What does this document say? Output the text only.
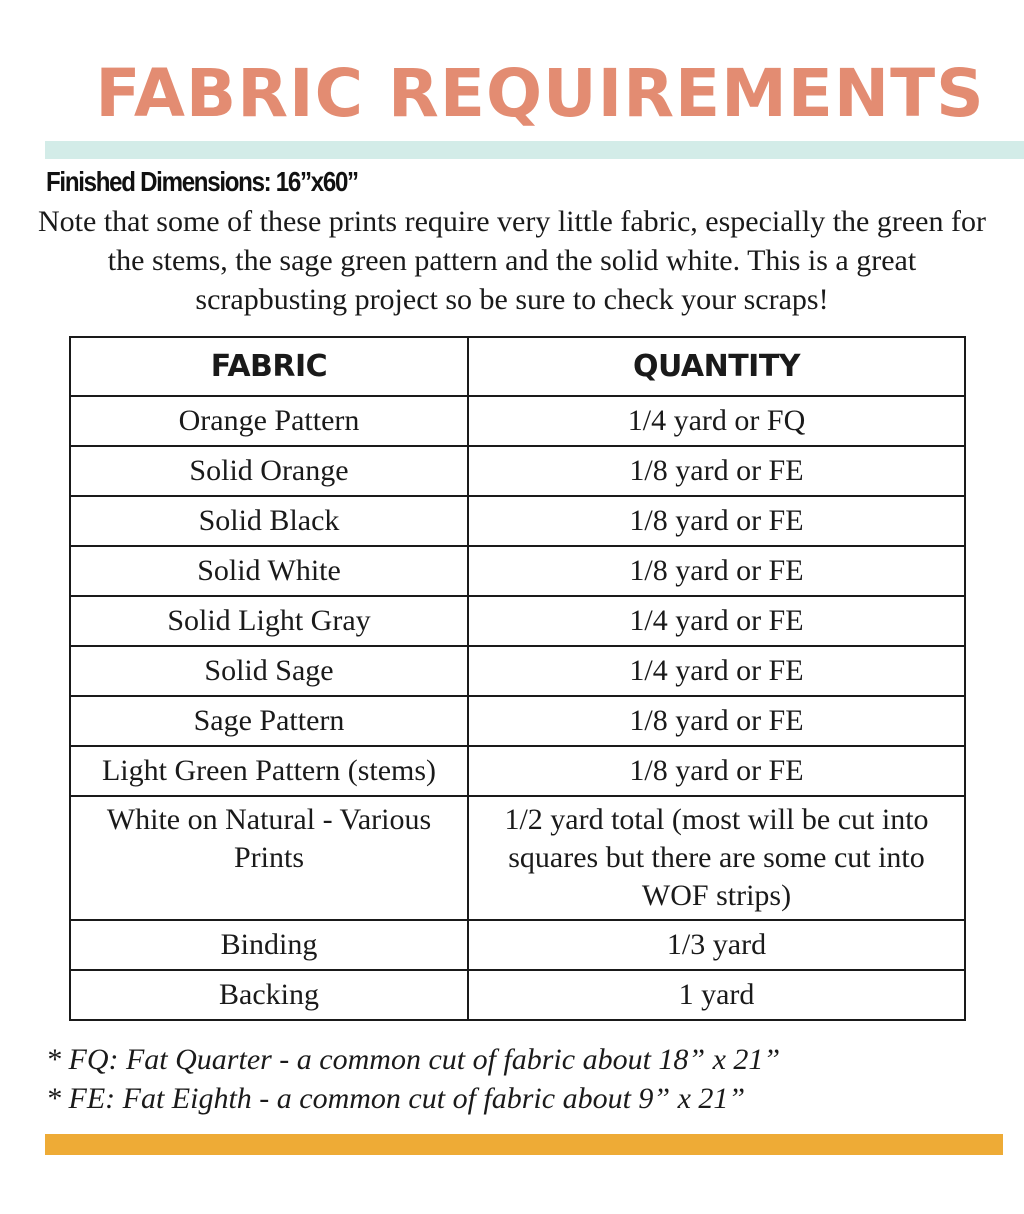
FABRIC REQUIREMENTS
Finished Dimensions: 16”x60”

Note that some of these prints require very little fabric, especially the green for the stems, the sage green pattern and the solid white. This is a great scrapbusting project so be sure to check your scraps!

FABRIC	QUANTITY
Orange Pattern	1/4 yard or FQ
Solid Orange	1/8 yard or FE
Solid Black	1/8 yard or FE
Solid White	1/8 yard or FE
Solid Light Gray	1/4 yard or FE
Solid Sage	1/4 yard or FE
Sage Pattern	1/8 yard or FE
Light Green Pattern (stems)	1/8 yard or FE
White on Natural - Various Prints	1/2 yard total (most will be cut into squares but there are some cut into WOF strips)
Binding	1/3 yard
Backing	1 yard

* FQ: Fat Quarter - a common cut of fabric about 18” x 21”

* FE: Fat Eighth - a common cut of fabric about 9” x 21”
